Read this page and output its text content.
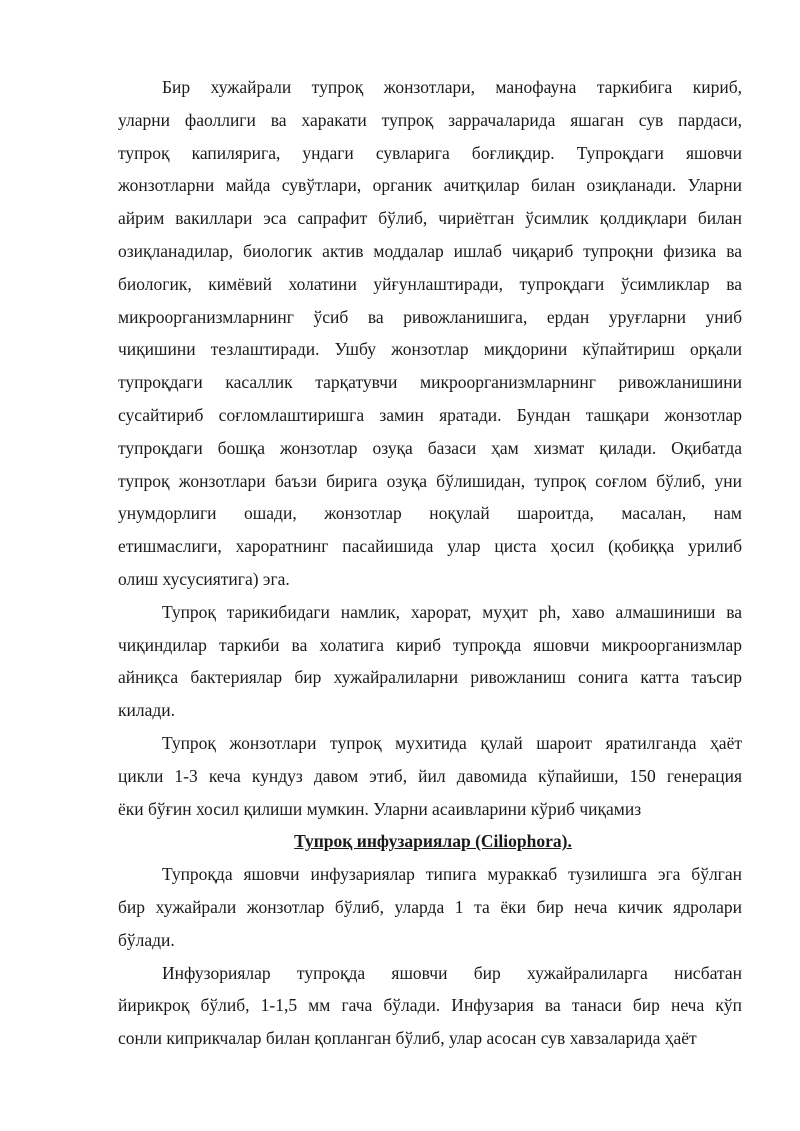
Бир хужайрали тупроқ жонзотлари, манофауна таркибига кириб,
уларни фаоллиги ва харакати тупроқ заррачаларида яшаган сув пардаси,
тупроқ капилярига, ундаги сувларига боғлиқдир. Тупроқдаги яшовчи
жонзотларни майда сувўтлари, органик ачитқилар билан озиқланади. Уларни
айрим вакиллари эса сапрафит бўлиб, чириётган ўсимлик қолдиқлари билан
озиқланадилар, биологик актив моддалар ишлаб чиқариб тупроқни физика ва
биологик, кимёвий холатини уйғунлаштиради, тупроқдаги ўсимликлар ва
микроорганизмларнинг ўсиб ва ривожланишига, ердан уруғларни униб
чиқишини тезлаштиради. Ушбу жонзотлар миқдорини кўпайтириш орқали
тупроқдаги касаллик тарқатувчи микроорганизмларнинг ривожланишини
сусайтириб соғломлаштиришга замин яратади. Бундан ташқари жонзотлар
тупроқдаги бошқа жонзотлар озуқа базаси ҳам хизмат қилади. Оқибатда
тупроқ жонзотлари баъзи бирига озуқа бўлишидан, тупроқ соғлом бўлиб, уни
унумдорлиги ошади, жонзотлар ноқулай шароитда, масалан, нам
етишмаслиги, хароратнинг пасайишида улар циста ҳосил (қобиққа урилиб
олиш хусусиятига) эга.

Тупроқ тарикибидаги намлик, харорат, муҳит рh, хаво алмашиниши ва
чиқиндилар таркиби ва холатига кириб тупроқда яшовчи микроорганизмлар
айниқса бактериялар бир хужайралиларни ривожланиш сонига катта таъсир
килади.

Тупроқ жонзотлари тупроқ мухитида қулай шароит яратилганда ҳаёт
цикли 1-3 кеча кундуз давом этиб, йил давомида кўпайиши, 150 генерация
ёки бўғин хосил қилиши мумкин. Уларни асаивларини кўриб чиқамиз

Тупроқ инфузариялар (Ciliophora).

Тупроқда яшовчи инфузариялар типига мураккаб тузилишга эга бўлган
бир хужайрали жонзотлар бўлиб, уларда 1 та ёки бир неча кичик ядролари
бўлади.

Инфузориялар тупроқда яшовчи бир хужайралиларга нисбатан
йирикроқ бўлиб, 1-1,5 мм гача бўлади. Инфузария ва танаси бир неча кўп
сонли киприкчалар билан қопланган бўлиб, улар асосан сув хавзаларида ҳаёт
